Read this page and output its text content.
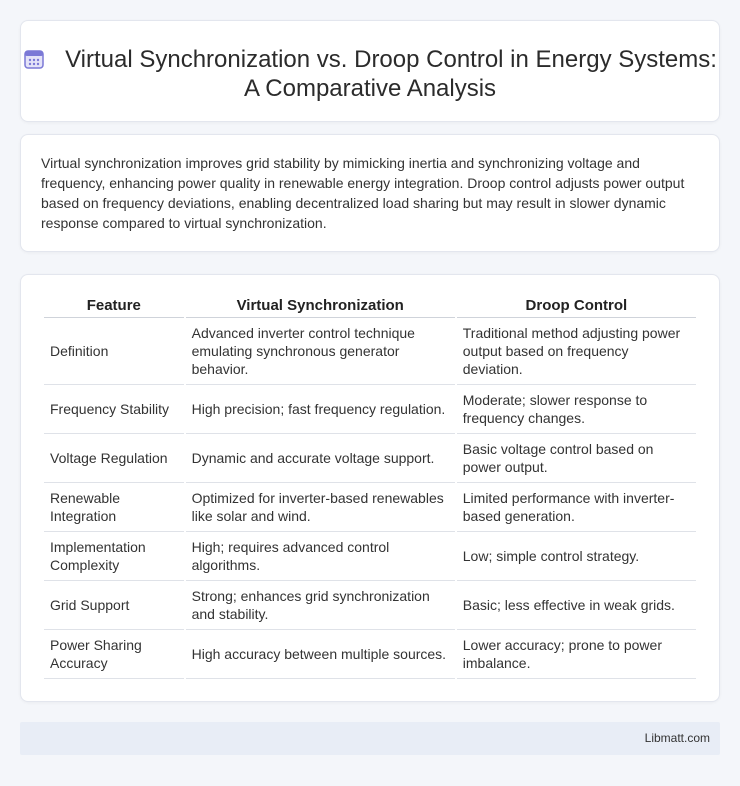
Virtual Synchronization vs. Droop Control in Energy Systems: A Comparative Analysis

Virtual synchronization improves grid stability by mimicking inertia and synchronizing voltage and frequency, enhancing power quality in renewable energy integration. Droop control adjusts power output based on frequency deviations, enabling decentralized load sharing but may result in slower dynamic response compared to virtual synchronization.

Feature	Virtual Synchronization	Droop Control
Definition	Advanced inverter control technique emulating synchronous generator behavior.	Traditional method adjusting power output based on frequency deviation.
Frequency Stability	High precision; fast frequency regulation.	Moderate; slower response to frequency changes.
Voltage Regulation	Dynamic and accurate voltage support.	Basic voltage control based on power output.
Renewable Integration	Optimized for inverter-based renewables like solar and wind.	Limited performance with inverter-based generation.
Implementation Complexity	High; requires advanced control algorithms.	Low; simple control strategy.
Grid Support	Strong; enhances grid synchronization and stability.	Basic; less effective in weak grids.
Power Sharing Accuracy	High accuracy between multiple sources.	Lower accuracy; prone to power imbalance.
Libmatt.com
